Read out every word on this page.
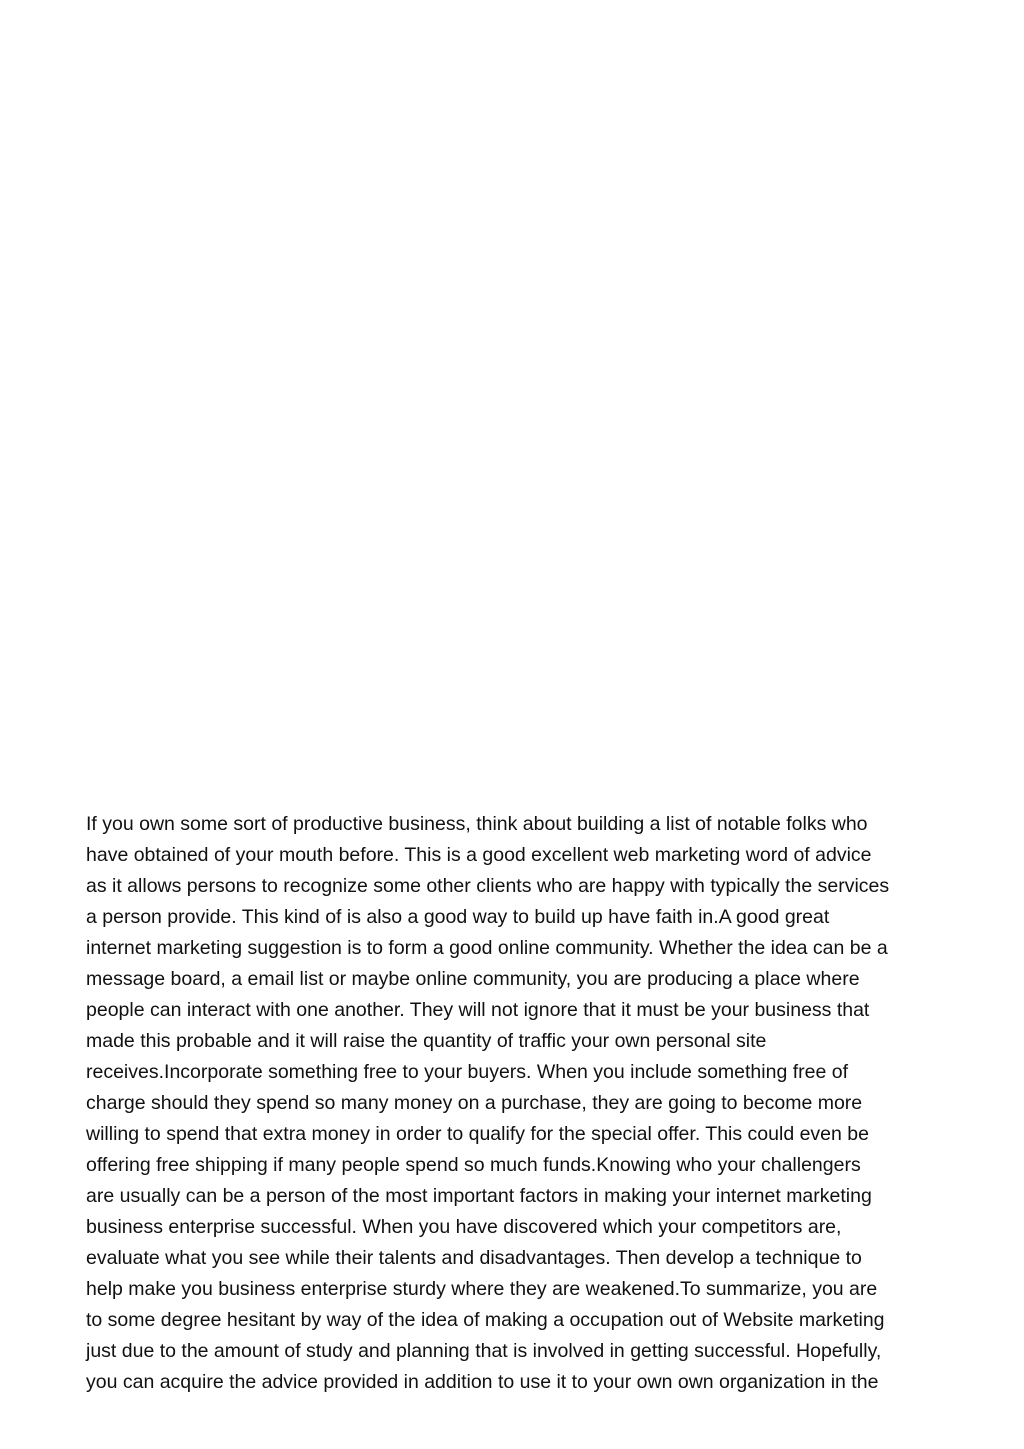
If you own some sort of productive business, think about building a list of notable folks who
have obtained of your mouth before. This is a good excellent web marketing word of advice
as it allows persons to recognize some other clients who are happy with typically the services
a person provide. This kind of is also a good way to build up have faith in.A good great
internet marketing suggestion is to form a good online community. Whether the idea can be a
message board, a email list or maybe online community, you are producing a place where
people can interact with one another. They will not ignore that it must be your business that
made this probable and it will raise the quantity of traffic your own personal site
receives.Incorporate something free to your buyers. When you include something free of
charge should they spend so many money on a purchase, they are going to become more
willing to spend that extra money in order to qualify for the special offer. This could even be
offering free shipping if many people spend so much funds.Knowing who your challengers
are usually can be a person of the most important factors in making your internet marketing
business enterprise successful. When you have discovered which your competitors are,
evaluate what you see while their talents and disadvantages. Then develop a technique to
help make you business enterprise sturdy where they are weakened.To summarize, you are
to some degree hesitant by way of the idea of making a occupation out of Website marketing
just due to the amount of study and planning that is involved in getting successful. Hopefully,
you can acquire the advice provided in addition to use it to your own own organization in the
